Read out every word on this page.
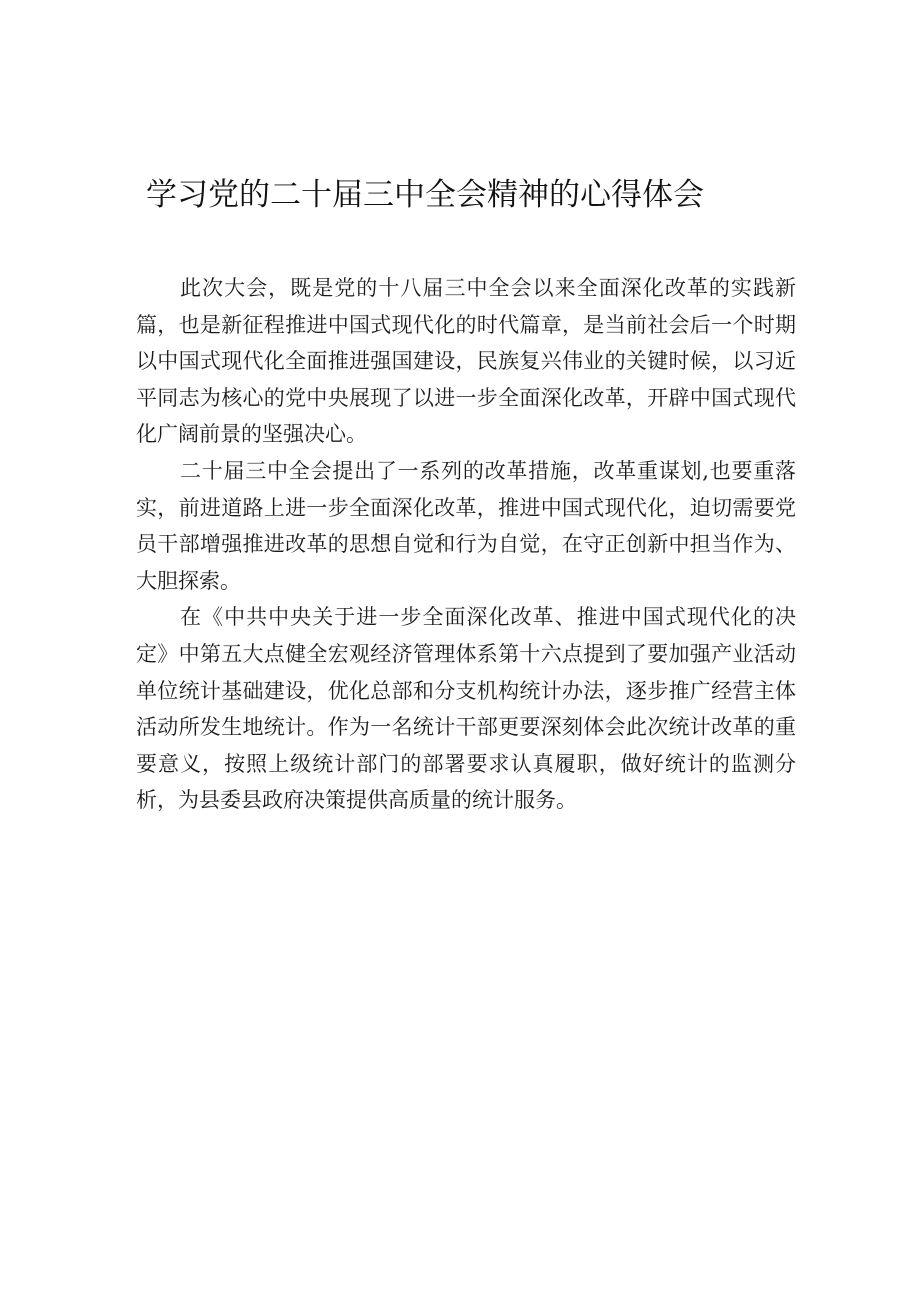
学习党的二十届三中全会精神的心得体会

此次大会，既是党的十八届三中全会以来全面深化改革的实践新篇，也是新征程推进中国式现代化的时代篇章，是当前社会后一个时期以中国式现代化全面推进强国建设，民族复兴伟业的关键时候，以习近平同志为核心的党中央展现了以进一步全面深化改革，开辟中国式现代化广阔前景的坚强决心。

二十届三中全会提出了一系列的改革措施，改革重谋划,也要重落实，前进道路上进一步全面深化改革，推进中国式现代化，迫切需要党员干部增强推进改革的思想自觉和行为自觉，在守正创新中担当作为、大胆探索。

在《中共中央关于进一步全面深化改革、推进中国式现代化的决定》中第五大点健全宏观经济管理体系第十六点提到了要加强产业活动单位统计基础建设，优化总部和分支机构统计办法，逐步推广经营主体活动所发生地统计。作为一名统计干部更要深刻体会此次统计改革的重要意义，按照上级统计部门的部署要求认真履职，做好统计的监测分析，为县委县政府决策提供高质量的统计服务。
